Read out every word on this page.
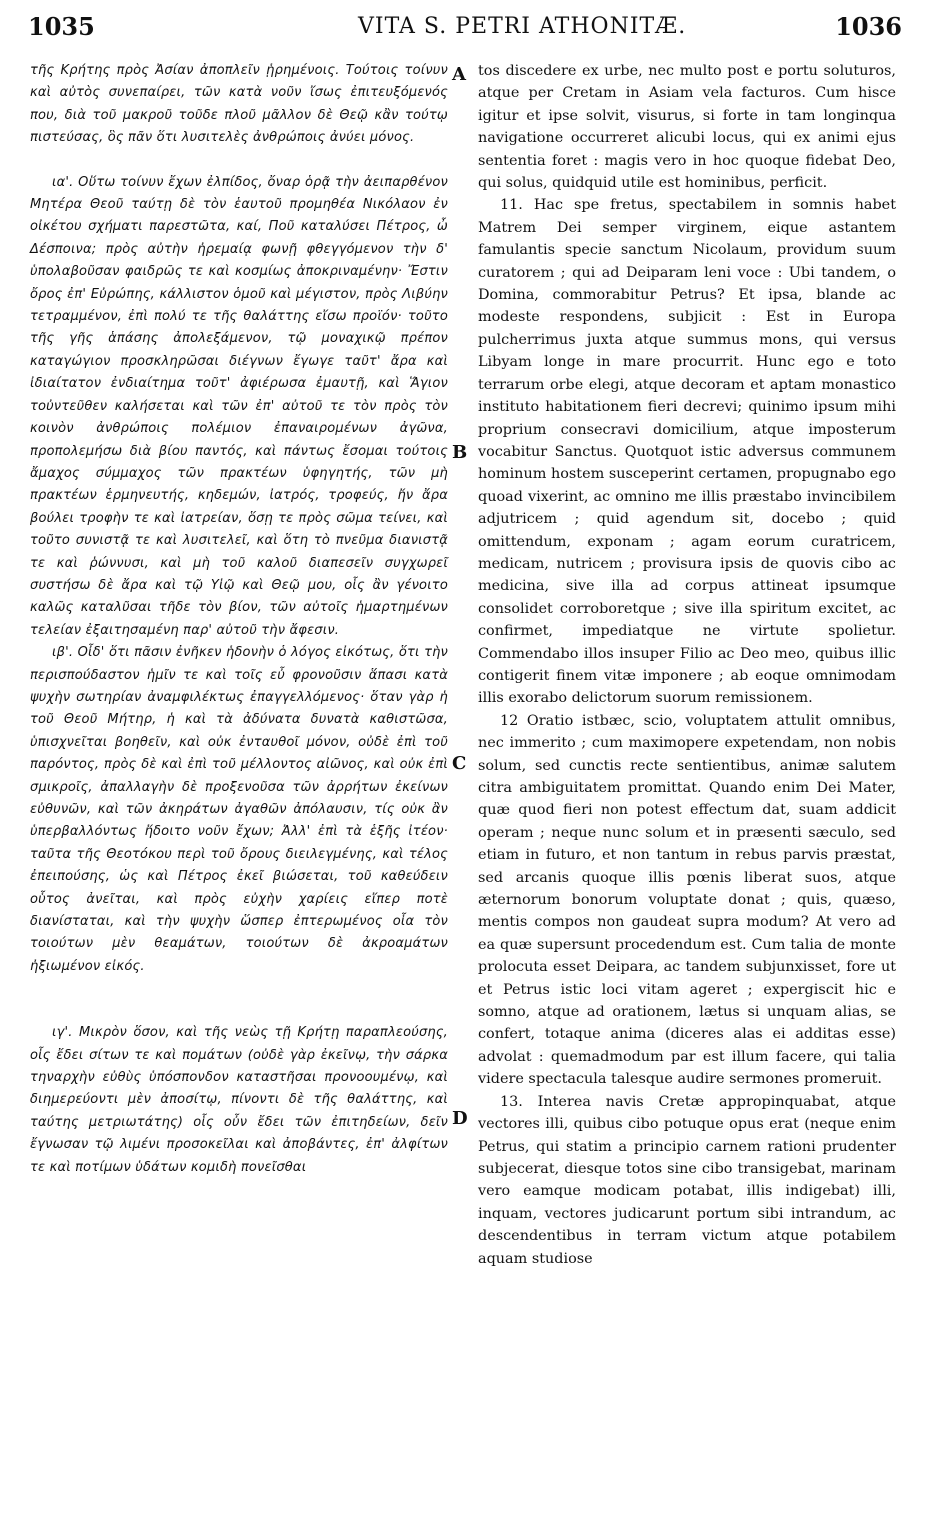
1035	VITA S. PETRI ATHONITÆ.	1036
A
B
C
D

τῆς Κρήτης πρὸς Ἀσίαν ἀποπλεῖν ᾑρημένοις. Τούτοις τοίνυν καὶ αὐτὸς συνεπαίρει, τῶν κατὰ νοῦν ἴσως ἐπιτευξόμενός που, διὰ τοῦ μακροῦ τοῦδε πλοῦ μᾶλλον δὲ Θεῷ κἂν τούτῳ πιστεύσας, ὃς πᾶν ὅτι λυσιτελὲς ἀνθρώποις ἀνύει μόνος.

ια'. Οὕτω τοίνυν ἔχων ἐλπίδος, ὄναρ ὁρᾷ τὴν ἀειπαρθένον Μητέρα Θεοῦ ταύτῃ δὲ τὸν ἑαυτοῦ προμηθέα Νικόλαον ἐν οἰκέτου σχήματι παρεστῶτα, καί, Ποῦ καταλύσει Πέτρος, ὦ Δέσποινα; πρὸς αὐτὴν ἠρεμαίᾳ φωνῇ φθεγγόμενον τὴν δ' ὑπολαβοῦσαν φαιδρῶς τε καὶ κοσμίως ἀποκριναμένην· Ἔστιν ὄρος ἐπ' Εὐρώπης, κάλλιστον ὁμοῦ καὶ μέγιστον, πρὸς Λιβύην τετραμμένον, ἐπὶ πολύ τε τῆς θαλάττης εἴσω προϊόν· τοῦτο τῆς γῆς ἁπάσης ἀπολεξάμενον, τῷ μοναχικῷ πρέπον καταγώγιον προσκληρῶσαι διέγνων ἔγωγε ταῦτ' ἄρα καὶ ἰδιαίτατον ἐνδιαίτημα τοῦτ' ἀφιέρωσα ἐμαυτῇ, καὶ Ἅγιον τοὐντεῦθεν καλήσεται καὶ τῶν ἐπ' αὐτοῦ τε τὸν πρὸς τὸν κοινὸν ἀνθρώποις πολέμιον ἐπαναιρομένων ἀγῶνα, προπολεμήσω διὰ βίου παντός, καὶ πάντως ἔσομαι τούτοις ἄμαχος σύμμαχος τῶν πρακτέων ὑφηγητής, τῶν μὴ πρακτέων ἑρμηνευτής, κηδεμών, ἰατρός, τροφεύς, ἤν ἄρα βούλει τροφὴν τε καὶ ἰατρείαν, ὅσῃ τε πρὸς σῶμα τείνει, καὶ τοῦτο συνιστᾷ τε καὶ λυσιτελεῖ, καὶ ὅτη τὸ πνεῦμα διανιστᾷ τε καὶ ῥώννυσι, καὶ μὴ τοῦ καλοῦ διαπεσεῖν συγχωρεῖ συστήσω δὲ ἄρα καὶ τῷ Υἱῷ καὶ Θεῷ μου, οἷς ἂν γένοιτο καλῶς καταλῦσαι τῆδε τὸν βίον, τῶν αὐτοῖς ἡμαρτημένων τελείαν ἐξαιτησαμένη παρ' αὐτοῦ τὴν ἄφεσιν.

ιβ'. Οἶδ' ὅτι πᾶσιν ἐνῆκεν ἡδονὴν ὁ λόγος εἰκότως, ὅτι τὴν περισπούδαστον ἡμῖν τε καὶ τοῖς εὖ φρονοῦσιν ἅπασι κατὰ ψυχὴν σωτηρίαν ἀναμφιλέκτως ἐπαγγελλόμενος· ὅταν γὰρ ἡ τοῦ Θεοῦ Μήτηρ, ἡ καὶ τὰ ἀδύνατα δυνατὰ καθιστῶσα, ὑπισχνεῖται βοηθεῖν, καὶ οὐκ ἐνταυθοῖ μόνον, οὐδὲ ἐπὶ τοῦ παρόντος, πρὸς δὲ καὶ ἐπὶ τοῦ μέλλοντος αἰῶνος, καὶ οὐκ ἐπὶ σμικροῖς, ἀπαλλαγὴν δὲ προξενοῦσα τῶν ἀρρήτων ἐκείνων εὐθυνῶν, καὶ τῶν ἀκηράτων ἀγαθῶν ἀπόλαυσιν, τίς οὐκ ἂν ὑπερβαλλόντως ἥδοιτο νοῦν ἔχων; Ἀλλ' ἐπὶ τὰ ἑξῆς ἰτέον· ταῦτα τῆς Θεοτόκου περὶ τοῦ ὄρους διειλεγμένης, καὶ τέλος ἐπειπούσης, ὡς καὶ Πέτρος ἐκεῖ βιώσεται, τοῦ καθεύδειν οὗτος ἀνεῖται, καὶ πρὸς εὐχὴν χαρίεις εἴπερ ποτὲ διανίσταται, καὶ τὴν ψυχὴν ὥσπερ ἐπτερωμένος οἷα τὸν τοιούτων μὲν θεαμάτων, τοιούτων δὲ ἀκροαμάτων ἠξιωμένον εἰκός.

ιγ'. Μικρὸν ὅσον, καὶ τῆς νεὼς τῇ Κρήτῃ παραπλεούσης, οἷς ἔδει σίτων τε καὶ πομάτων (οὐδὲ γὰρ ἐκεῖνῳ, τὴν σάρκα τηναρχὴν εὐθὺς ὑπόσπονδον καταστῆσαι προνοουμένῳ, καὶ διημερεύοντι μὲν ἀποσίτῳ, πίνοντι δὲ τῆς θαλάττης, καὶ ταύτης μετριωτάτης) οἷς οὖν ἔδει τῶν ἐπιτηδείων, δεῖν ἔγνωσαν τῷ λιμένι προσοκεῖλαι καὶ ἀποβάντες, ἐπ' ἀλφίτων τε καὶ ποτίμων ὑδάτων κομιδὴ πονεῖσθαι

tos discedere ex urbe, nec multo post e portu soluturos, atque per Cretam in Asiam vela facturos. Cum hisce igitur et ipse solvit, visurus, si forte in tam longinqua navigatione occurreret alicubi locus, qui ex animi ejus sententia foret : magis vero in hoc quoque fidebat Deo, qui solus, quidquid utile est hominibus, perficit.

11. Hac spe fretus, spectabilem in somnis habet Matrem Dei semper virginem, eique astantem famulantis specie sanctum Nicolaum, providum suum curatorem ; qui ad Deiparam leni voce : Ubi tandem, o Domina, commorabitur Petrus? Et ipsa, blande ac modeste respondens, subjicit : Est in Europa pulcherrimus juxta atque summus mons, qui versus Libyam longe in mare procurrit. Hunc ego e toto terrarum orbe elegi, atque decoram et aptam monastico instituto habitationem fieri decrevi; quinimo ipsum mihi proprium consecravi domicilium, atque imposterum vocabitur Sanctus. Quotquot istic adversus communem hominum hostem susceperint certamen, propugnabo ego quoad vixerint, ac omnino me illis præstabo invincibilem adjutricem ; quid agendum sit, docebo ; quid omittendum, exponam ; agam eorum curatricem, medicam, nutricem ; provisura ipsis de quovis cibo ac medicina, sive illa ad corpus attineat ipsumque consolidet corroboretque ; sive illa spiritum excitet, ac confirmet, impediatque ne virtute spolietur. Commendabo illos insuper Filio ac Deo meo, quibus illic contigerit finem vitæ imponere ; ab eoque omnimodam illis exorabo delictorum suorum remissionem.

12 Oratio istbæc, scio, voluptatem attulit omnibus, nec immerito ; cum maximopere expetendam, non nobis solum, sed cunctis recte sentientibus, animæ salutem citra ambiguitatem promittat. Quando enim Dei Mater, quæ quod fieri non potest effectum dat, suam addicit operam ; neque nunc solum et in præsenti sæculo, sed etiam in futuro, et non tantum in rebus parvis præstat, sed arcanis quoque illis pœnis liberat suos, atque æternorum bonorum voluptate donat ; quis, quæso, mentis compos non gaudeat supra modum? At vero ad ea quæ supersunt procedendum est. Cum talia de monte prolocuta esset Deipara, ac tandem subjunxisset, fore ut et Petrus istic loci vitam ageret ; expergiscit hic e somno, atque ad orationem, lætus si unquam alias, se confert, totaque anima (diceres alas ei additas esse) advolat : quemadmodum par est illum facere, qui talia videre spectacula talesque audire sermones promeruit.

13. Interea navis Cretæ appropinquabat, atque vectores illi, quibus cibo potuque opus erat (neque enim Petrus, qui statim a principio carnem rationi prudenter subjecerat, diesque totos sine cibo transigebat, marinam vero eamque modicam potabat, illis indigebat) illi, inquam, vectores judicarunt portum sibi intrandum, ac descendentibus in terram victum atque potabilem aquam studiose
